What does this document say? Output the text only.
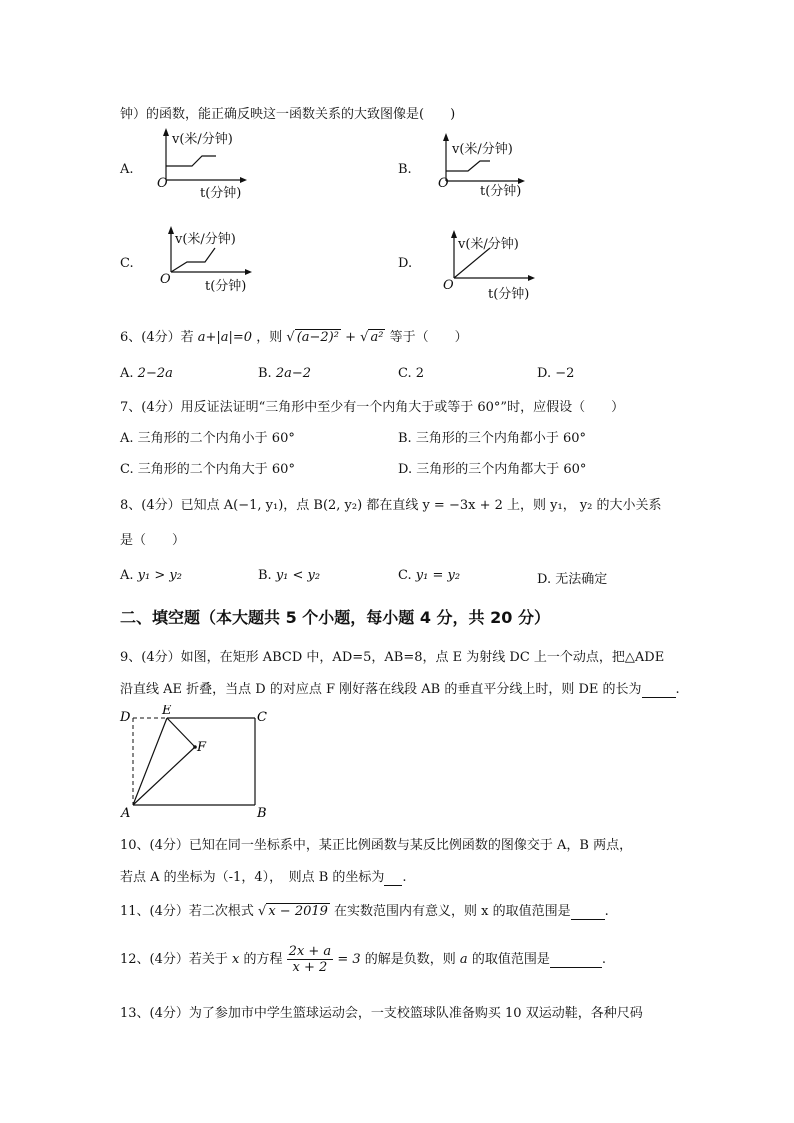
钟）的函数，能正确反映这一函数关系的大致图像是(　　)
A.
v(米/分钟)
O
t(分钟)
B.
v(米/分钟)
O
t(分钟)
C.
v(米/分钟)
O	t(分钟)
D.
v(米/分钟)
O
t(分钟)
6、(4分）若 a+|a|=0 ，则 √ (a−2)² + √ a² 等于（　　）
A. 2−2a	B. 2a−2	C. 2	D. −2
7、(4分）用反证法证明“三角形中至少有一个内角大于或等于 60°”时，应假设（　　）
A. 三角形的二个内角小于 60°	B. 三角形的三个内角都小于 60°
C. 三角形的二个内角大于 60°	D. 三角形的三个内角都大于 60°
8、(4分）已知点 A(−1, y₁)，点 B(2, y₂) 都在直线 y = −3x + 2 上，则 y₁， y₂ 的大小关系
是（　　）
A. y₁ > y₂	B. y₁ < y₂	C. y₁ = y₂	D. 无法确定
二、填空题（本大题共 5 个小题，每小题 4 分，共 20 分）
9、(4分）如图，在矩形 ABCD 中，AD=5，AB=8，点 E 为射线 DC 上一个动点，把△ADE
沿直线 AE 折叠，当点 D 的对应点 F 刚好落在线段 AB 的垂直平分线上时，则 DE 的长为	.
D E	C
F
A	B
10、(4分）已知在同一坐标系中，某正比例函数与某反比例函数的图像交于 A，B 两点，
若点 A 的坐标为（-1，4），　则点 B 的坐标为 .
11、(4分）若二次根式 √ x − 2019 在实数范围内有意义，则 x 的取值范围是	.
12、(4分）若关于 x 的方程 $\frac{2x + a}{x + 2} = 3$ 的解是负数，则 a 的取值范围是	.
13、(4分）为了参加市中学生篮球运动会，一支校篮球队准备购买 10 双运动鞋，各种尺码
